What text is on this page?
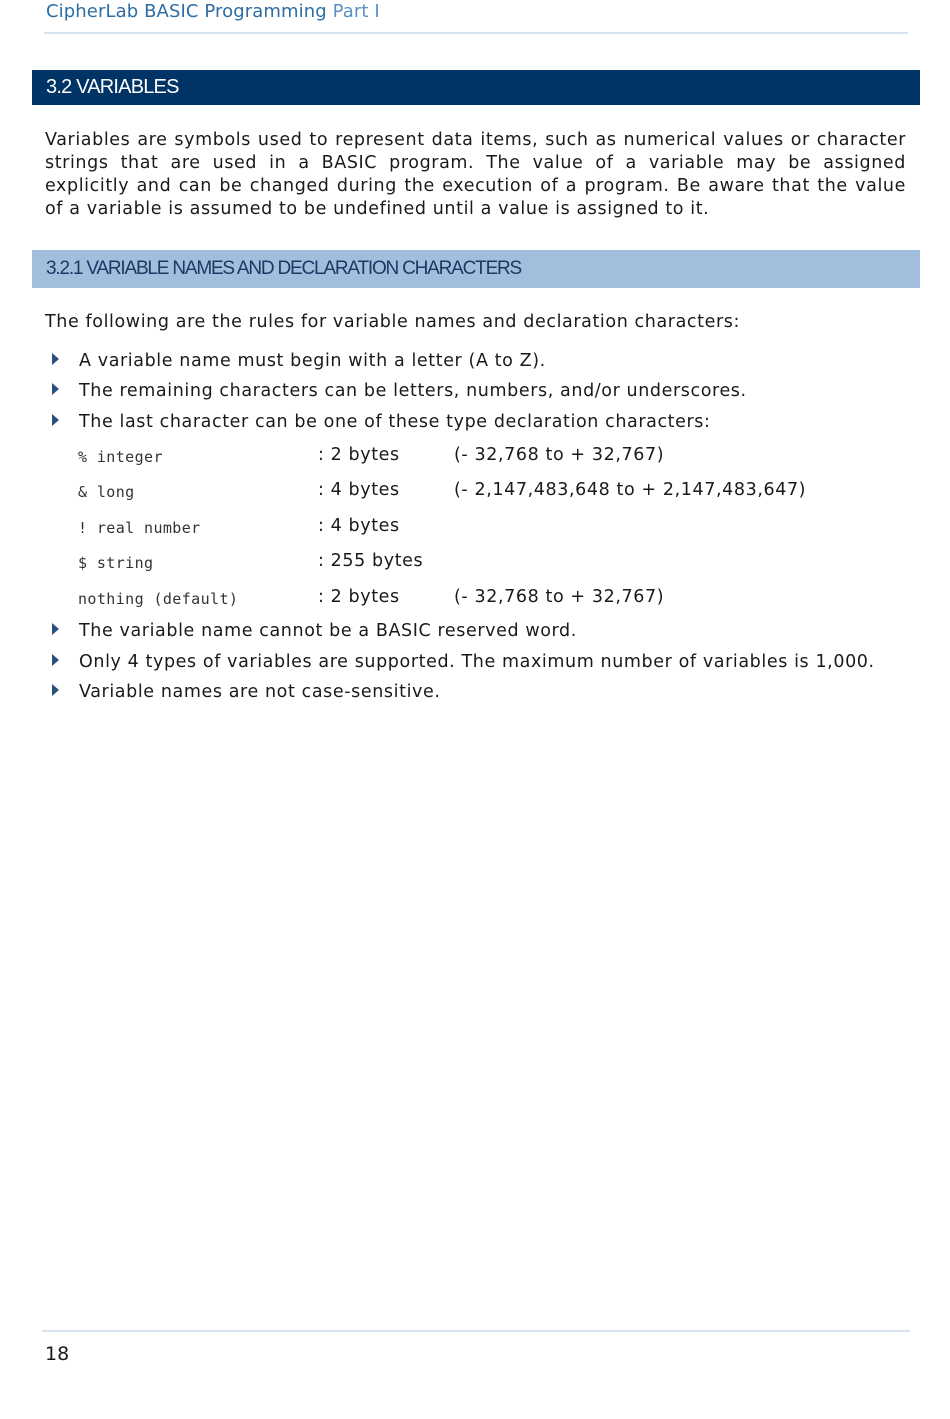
CipherLab BASIC Programming Part I
3.2 VARIABLES

Variables are symbols used to represent data items, such as numerical values or character strings that are used in a BASIC program. The value of a variable may be assigned explicitly and can be changed during the execution of a program. Be aware that the value of a variable is assumed to be undefined until a value is assigned to it.

3.2.1 VARIABLE NAMES AND DECLARATION CHARACTERS

The following are the rules for variable names and declaration characters:

A variable name must begin with a letter (A to Z).

The remaining characters can be letters, numbers, and/or underscores.

The last character can be one of these type declaration characters:

% integer	: 2 bytes	(- 32,768 to + 32,767)
& long	: 4 bytes	(- 2,147,483,648 to + 2,147,483,647)
! real number	: 4 bytes
$ string	: 255 bytes
nothing (default)	: 2 bytes	(- 32,768 to + 32,767)

The variable name cannot be a BASIC reserved word.

Only 4 types of variables are supported. The maximum number of variables is 1,000.

Variable names are not case-sensitive.

18
